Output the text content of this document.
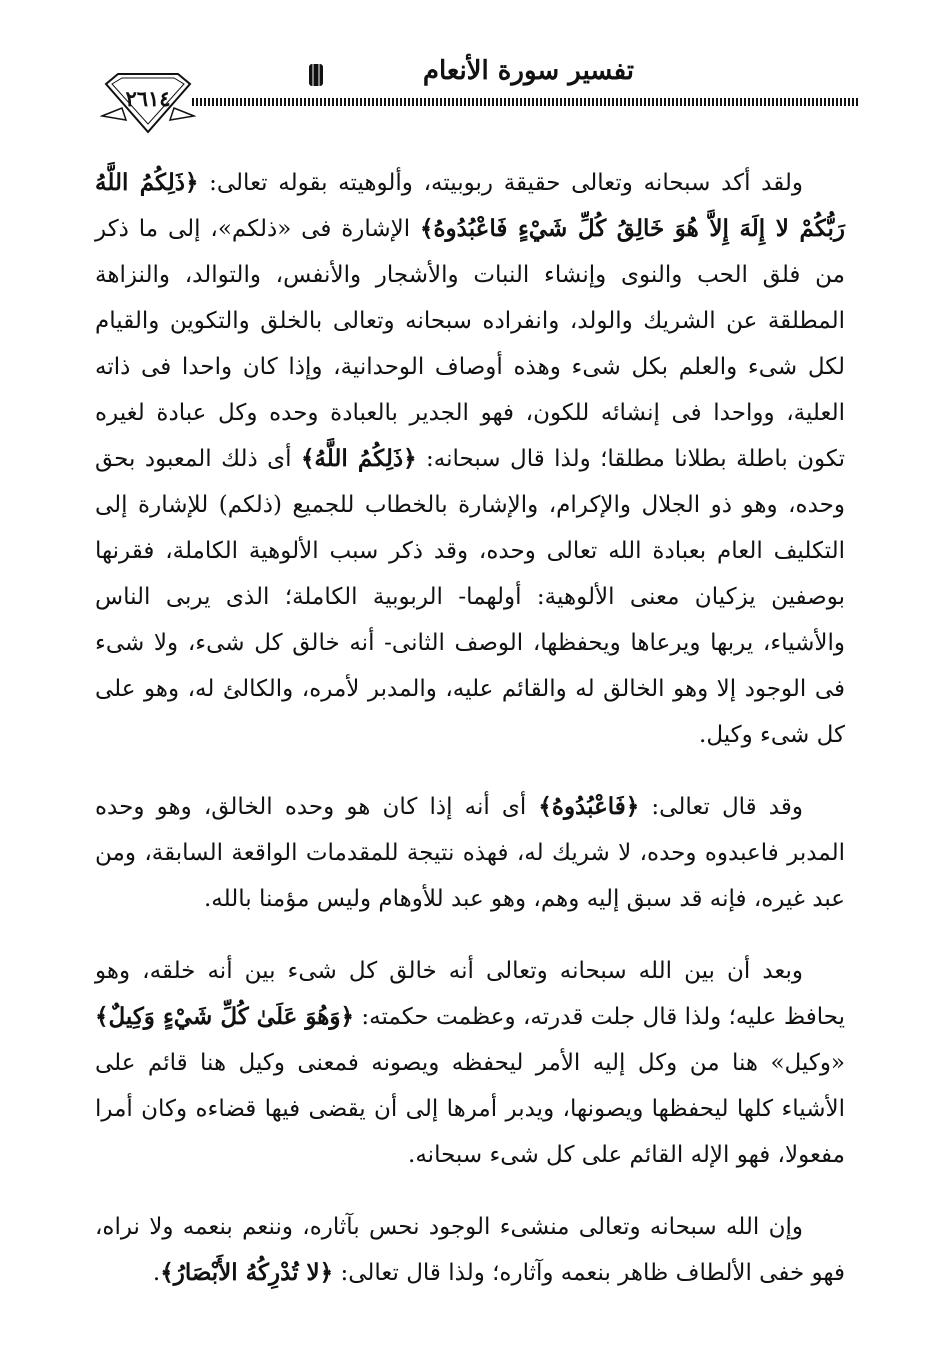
٢٦١٤
تفسير سورة الأنعام

ولقد أكد سبحانه وتعالى حقيقة ربوبيته، وألوهيته بقوله تعالى: ﴿ذَلِكُمُ اللَّهُ رَبُّكُمْ لا إِلَهَ إِلاَّ هُوَ خَالِقُ كُلِّ شَيْءٍ فَاعْبُدُوهُ﴾ الإشارة فى «ذلكم»، إلى ما ذكر من فلق الحب والنوى وإنشاء النبات والأشجار والأنفس، والتوالد، والنزاهة المطلقة عن الشريك والولد، وانفراده سبحانه وتعالى بالخلق والتكوين والقيام لكل شىء والعلم بكل شىء وهذه أوصاف الوحدانية، وإذا كان واحدا فى ذاته العلية، وواحدا فى إنشائه للكون، فهو الجدير بالعبادة وحده وكل عبادة لغيره تكون باطلة بطلانا مطلقا؛ ولذا قال سبحانه: ﴿ذَلِكُمُ اللَّهُ﴾ أى ذلك المعبود بحق وحده، وهو ذو الجلال والإكرام، والإشارة بالخطاب للجميع (ذلكم) للإشارة إلى التكليف العام بعبادة الله تعالى وحده، وقد ذكر سبب الألوهية الكاملة، فقرنها بوصفين يزكيان معنى الألوهية: أولهما- الربوبية الكاملة؛ الذى يربى الناس والأشياء، يربها ويرعاها ويحفظها، الوصف الثانى- أنه خالق كل شىء، ولا شىء فى الوجود إلا وهو الخالق له والقائم عليه، والمدبر لأمره، والكالئ له، وهو على كل شىء وكيل.

وقد قال تعالى: ﴿فَاعْبُدُوهُ﴾ أى أنه إذا كان هو وحده الخالق، وهو وحده المدبر فاعبدوه وحده، لا شريك له، فهذه نتيجة للمقدمات الواقعة السابقة، ومن عبد غيره، فإنه قد سبق إليه وهم، وهو عبد للأوهام وليس مؤمنا بالله.

وبعد أن بين الله سبحانه وتعالى أنه خالق كل شىء بين أنه خلقه، وهو يحافظ عليه؛ ولذا قال جلت قدرته، وعظمت حكمته: ﴿وَهُوَ عَلَىٰ كُلِّ شَيْءٍ وَكِيلٌ﴾ «وكيل» هنا من وكل إليه الأمر ليحفظه ويصونه فمعنى وكيل هنا قائم على الأشياء كلها ليحفظها ويصونها، ويدبر أمرها إلى أن يقضى فيها قضاءه وكان أمرا مفعولا، فهو الإله القائم على كل شىء سبحانه.

وإن الله سبحانه وتعالى منشىء الوجود نحس بآثاره، وننعم بنعمه ولا نراه، فهو خفى الألطاف ظاهر بنعمه وآثاره؛ ولذا قال تعالى: ﴿لا تُدْرِكُهُ الأَبْصَارُ﴾.
